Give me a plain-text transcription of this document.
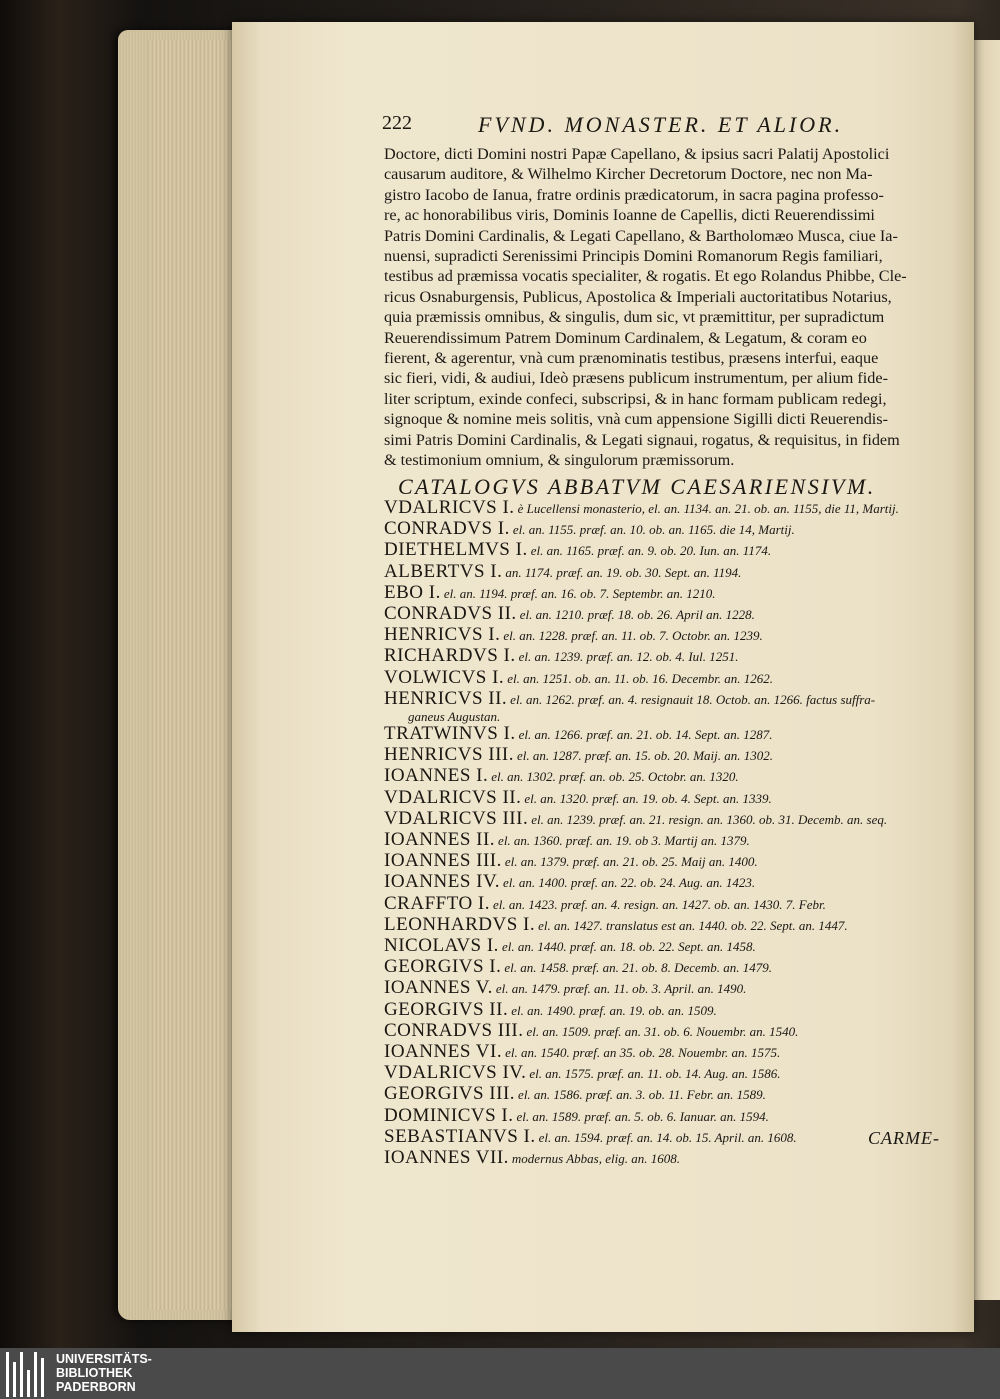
222	FVND. MONASTER. ET ALIOR.
Doctore, dicti Domini nostri Papæ Capellano, & ipsius sacri Palatij Apostolici
causarum auditore, & Wilhelmo Kircher Decretorum Doctore, nec non Ma-
gistro Iacobo de Ianua, fratre ordinis prædicatorum, in sacra pagina professo-
re, ac honorabilibus viris, Dominis Ioanne de Capellis, dicti Reuerendissimi
Patris Domini Cardinalis, & Legati Capellano, & Bartholomæo Musca, ciue Ia-
nuensi, supradicti Serenissimi Principis Domini Romanorum Regis familiari,
testibus ad præmissa vocatis specialiter, & rogatis. Et ego Rolandus Phibbe, Cle-
ricus Osnaburgensis, Publicus, Apostolica & Imperiali auctoritatibus Notarius,
quia præmissis omnibus, & singulis, dum sic, vt præmittitur, per supradictum
Reuerendissimum Patrem Dominum Cardinalem, & Legatum, & coram eo
fierent, & agerentur, vnà cum prænominatis testibus, præsens interfui, eaque
sic fieri, vidi, & audiui, Ideò præsens publicum instrumentum, per alium fide-
liter scriptum, exinde confeci, subscripsi, & in hanc formam publicam redegi,
signoque & nomine meis solitis, vnà cum appensione Sigilli dicti Reuerendis-
simi Patris Domini Cardinalis, & Legati signaui, rogatus, & requisitus, in fidem
& testimonium omnium, & singulorum præmissorum.
CATALOGVS ABBATVM CAESARIENSIVM.
VDALRICVS I. è Lucellensi monasterio, el. an. 1134. an. 21. ob. an. 1155, die 11, Martij.
CONRADVS I. el. an. 1155. præf. an. 10. ob. an. 1165. die 14, Martij.
DIETHELMVS I. el. an. 1165. præf. an. 9. ob. 20. Iun. an. 1174.
ALBERTVS I. an. 1174. præf. an. 19. ob. 30. Sept. an. 1194.
EBO I. el. an. 1194. præf. an. 16. ob. 7. Septembr. an. 1210.
CONRADVS II. el. an. 1210. præf. 18. ob. 26. April an. 1228.
HENRICVS I. el. an. 1228. præf. an. 11. ob. 7. Octobr. an. 1239.
RICHARDVS I. el. an. 1239. præf. an. 12. ob. 4. Iul. 1251.
VOLWICVS I. el. an. 1251. ob. an. 11. ob. 16. Decembr. an. 1262.
HENRICVS II. el. an. 1262. præf. an. 4. resignauit 18. Octob. an. 1266. factus suffra-
ganeus Augustan.
TRATWINVS I. el. an. 1266. præf. an. 21. ob. 14. Sept. an. 1287.
HENRICVS III. el. an. 1287. præf. an. 15. ob. 20. Maij. an. 1302.
IOANNES I. el. an. 1302. præf. an. ob. 25. Octobr. an. 1320.
VDALRICVS II. el. an. 1320. præf. an. 19. ob. 4. Sept. an. 1339.
VDALRICVS III. el. an. 1239. præf. an. 21. resign. an. 1360. ob. 31. Decemb. an. seq.
IOANNES II. el. an. 1360. præf. an. 19. ob 3. Martij an. 1379.
IOANNES III. el. an. 1379. præf. an. 21. ob. 25. Maij an. 1400.
IOANNES IV. el. an. 1400. præf. an. 22. ob. 24. Aug. an. 1423.
CRAFFTO I. el. an. 1423. præf. an. 4. resign. an. 1427. ob. an. 1430. 7. Febr.
LEONHARDVS I. el. an. 1427. translatus est an. 1440. ob. 22. Sept. an. 1447.
NICOLAVS I. el. an. 1440. præf. an. 18. ob. 22. Sept. an. 1458.
GEORGIVS I. el. an. 1458. præf. an. 21. ob. 8. Decemb. an. 1479.
IOANNES V. el. an. 1479. præf. an. 11. ob. 3. April. an. 1490.
GEORGIVS II. el. an. 1490. præf. an. 19. ob. an. 1509.
CONRADVS III. el. an. 1509. præf. an. 31. ob. 6. Nouembr. an. 1540.
IOANNES VI. el. an. 1540. præf. an 35. ob. 28. Nouembr. an. 1575.
VDALRICVS IV. el. an. 1575. præf. an. 11. ob. 14. Aug. an. 1586.
GEORGIVS III. el. an. 1586. præf. an. 3. ob. 11. Febr. an. 1589.
DOMINICVS I. el. an. 1589. præf. an. 5. ob. 6. Ianuar. an. 1594.
SEBASTIANVS I. el. an. 1594. præf. an. 14. ob. 15. April. an. 1608.
IOANNES VII. modernus Abbas, elig. an. 1608.
CARME-
UNIVERSITÄTS-
BIBLIOTHEK
PADERBORN
